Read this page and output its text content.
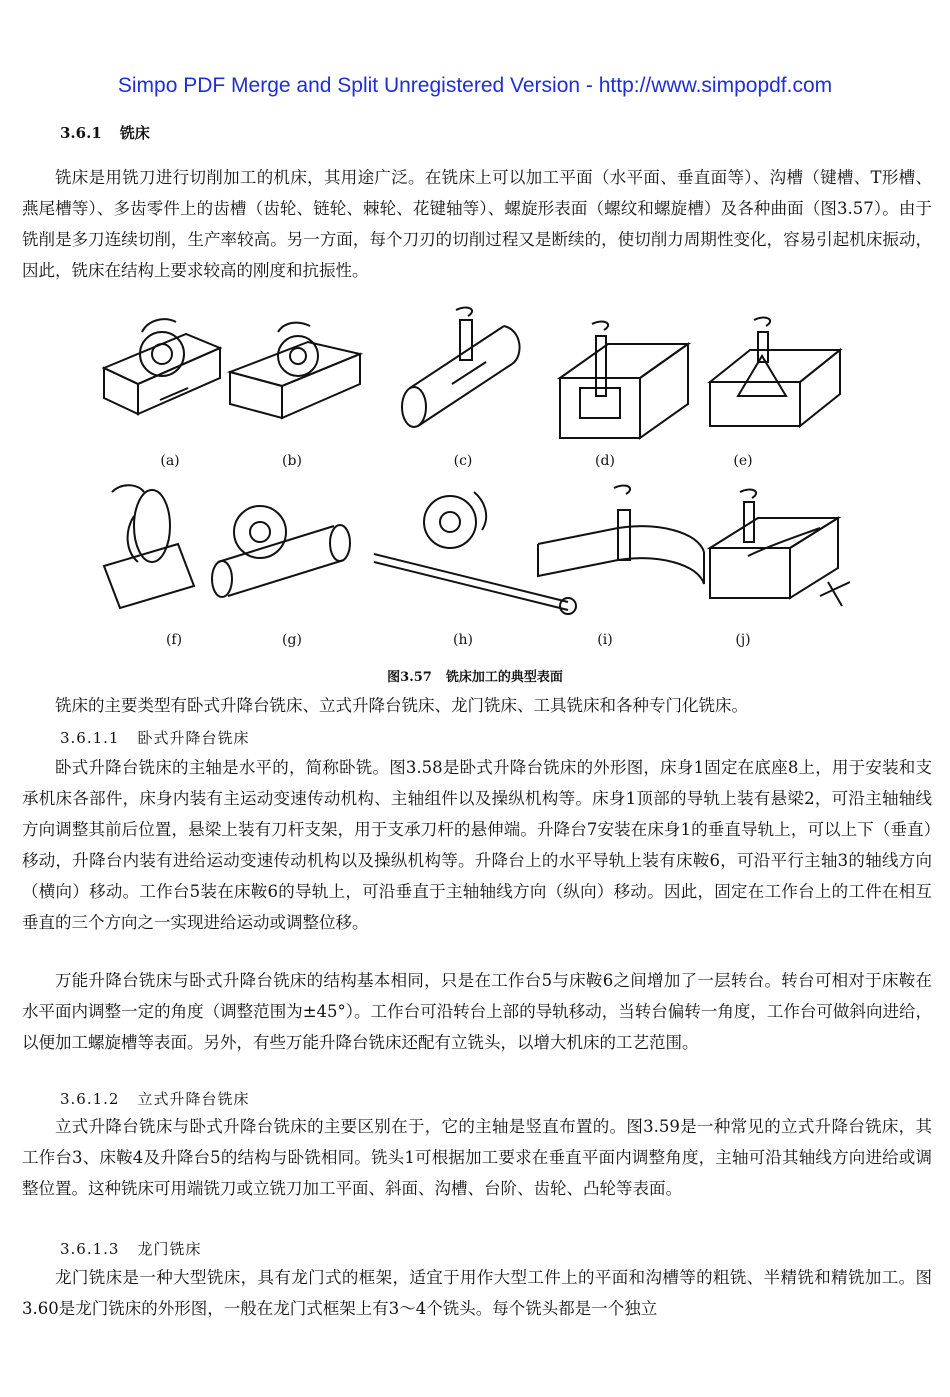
Simpo PDF Merge and Split Unregistered Version - http://www.simpopdf.com
3.6.1 铣床

铣床是用铣刀进行切削加工的机床，其用途广泛。在铣床上可以加工平面（水平面、垂直面等）、沟槽（键槽、T形槽、燕尾槽等）、多齿零件上的齿槽（齿轮、链轮、棘轮、花键轴等）、螺旋形表面（螺纹和螺旋槽）及各种曲面（图3.57）。由于铣削是多刀连续切削，生产率较高。另一方面，每个刀刃的切削过程又是断续的，使切削力周期性变化，容易引起机床振动，因此，铣床在结构上要求较高的刚度和抗振性。

(a)	(b)	(c)	(d)	(e)
(f)	(g)	(h)	(i)	(j)
图3.57 铣床加工的典型表面

铣床的主要类型有卧式升降台铣床、立式升降台铣床、龙门铣床、工具铣床和各种专门化铣床。

3.6.1.1 卧式升降台铣床

卧式升降台铣床的主轴是水平的，简称卧铣。图3.58是卧式升降台铣床的外形图，床身1固定在底座8上，用于安装和支承机床各部件，床身内装有主运动变速传动机构、主轴组件以及操纵机构等。床身1顶部的导轨上装有悬梁2，可沿主轴轴线方向调整其前后位置，悬梁上装有刀杆支架，用于支承刀杆的悬伸端。升降台7安装在床身1的垂直导轨上，可以上下（垂直）移动，升降台内装有进给运动变速传动机构以及操纵机构等。升降台上的水平导轨上装有床鞍6，可沿平行主轴3的轴线方向（横向）移动。工作台5装在床鞍6的导轨上，可沿垂直于主轴轴线方向（纵向）移动。因此，固定在工作台上的工件在相互垂直的三个方向之一实现进给运动或调整位移。

万能升降台铣床与卧式升降台铣床的结构基本相同，只是在工作台5与床鞍6之间增加了一层转台。转台可相对于床鞍在水平面内调整一定的角度（调整范围为±45°）。工作台可沿转台上部的导轨移动，当转台偏转一角度，工作台可做斜向进给，以便加工螺旋槽等表面。另外，有些万能升降台铣床还配有立铣头，以增大机床的工艺范围。

3.6.1.2 立式升降台铣床

立式升降台铣床与卧式升降台铣床的主要区别在于，它的主轴是竖直布置的。图3.59是一种常见的立式升降台铣床，其工作台3、床鞍4及升降台5的结构与卧铣相同。铣头1可根据加工要求在垂直平面内调整角度，主轴可沿其轴线方向进给或调整位置。这种铣床可用端铣刀或立铣刀加工平面、斜面、沟槽、台阶、齿轮、凸轮等表面。

3.6.1.3 龙门铣床

龙门铣床是一种大型铣床，具有龙门式的框架，适宜于用作大型工件上的平面和沟槽等的粗铣、半精铣和精铣加工。图3.60是龙门铣床的外形图，一般在龙门式框架上有3～4个铣头。每个铣头都是一个独立
